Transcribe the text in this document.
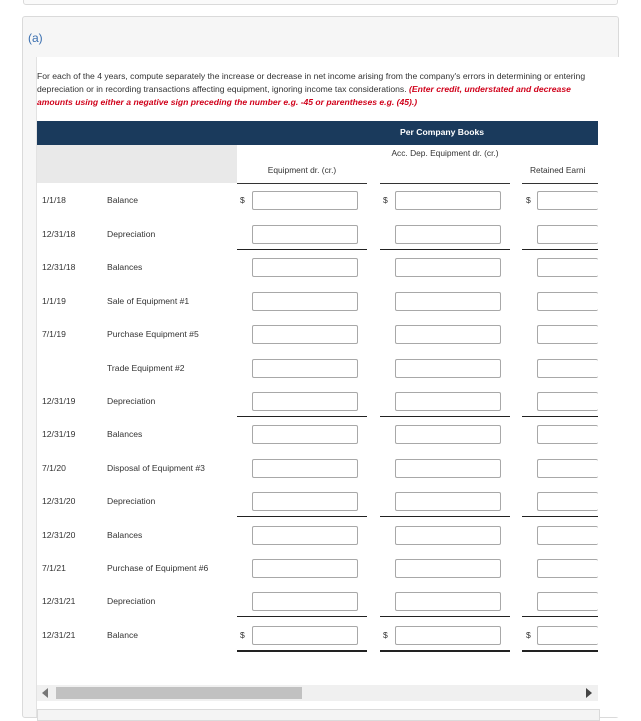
(a)
For each of the 4 years, compute separately the increase or decrease in net income arising from the company's errors in determining or entering depreciation or in recording transactions affecting equipment, ignoring income tax considerations. (Enter credit, understated and decrease amounts using either a negative sign preceding the number e.g. -45 or parentheses e.g. (45).)
Per Company Books
Equipment dr. (cr.)
Acc. Dep. Equipment dr. (cr.)
Retained Earni
1/1/18	Balance	$	$	$
12/31/18	Depreciation
12/31/18	Balances
1/1/19	Sale of Equipment #1
7/1/19	Purchase Equipment #5
Trade Equipment #2
12/31/19	Depreciation
12/31/19	Balances
7/1/20	Disposal of Equipment #3
12/31/20	Depreciation
12/31/20	Balances
7/1/21	Purchase of Equipment #6
12/31/21	Depreciation
12/31/21	Balance	$	$	$
